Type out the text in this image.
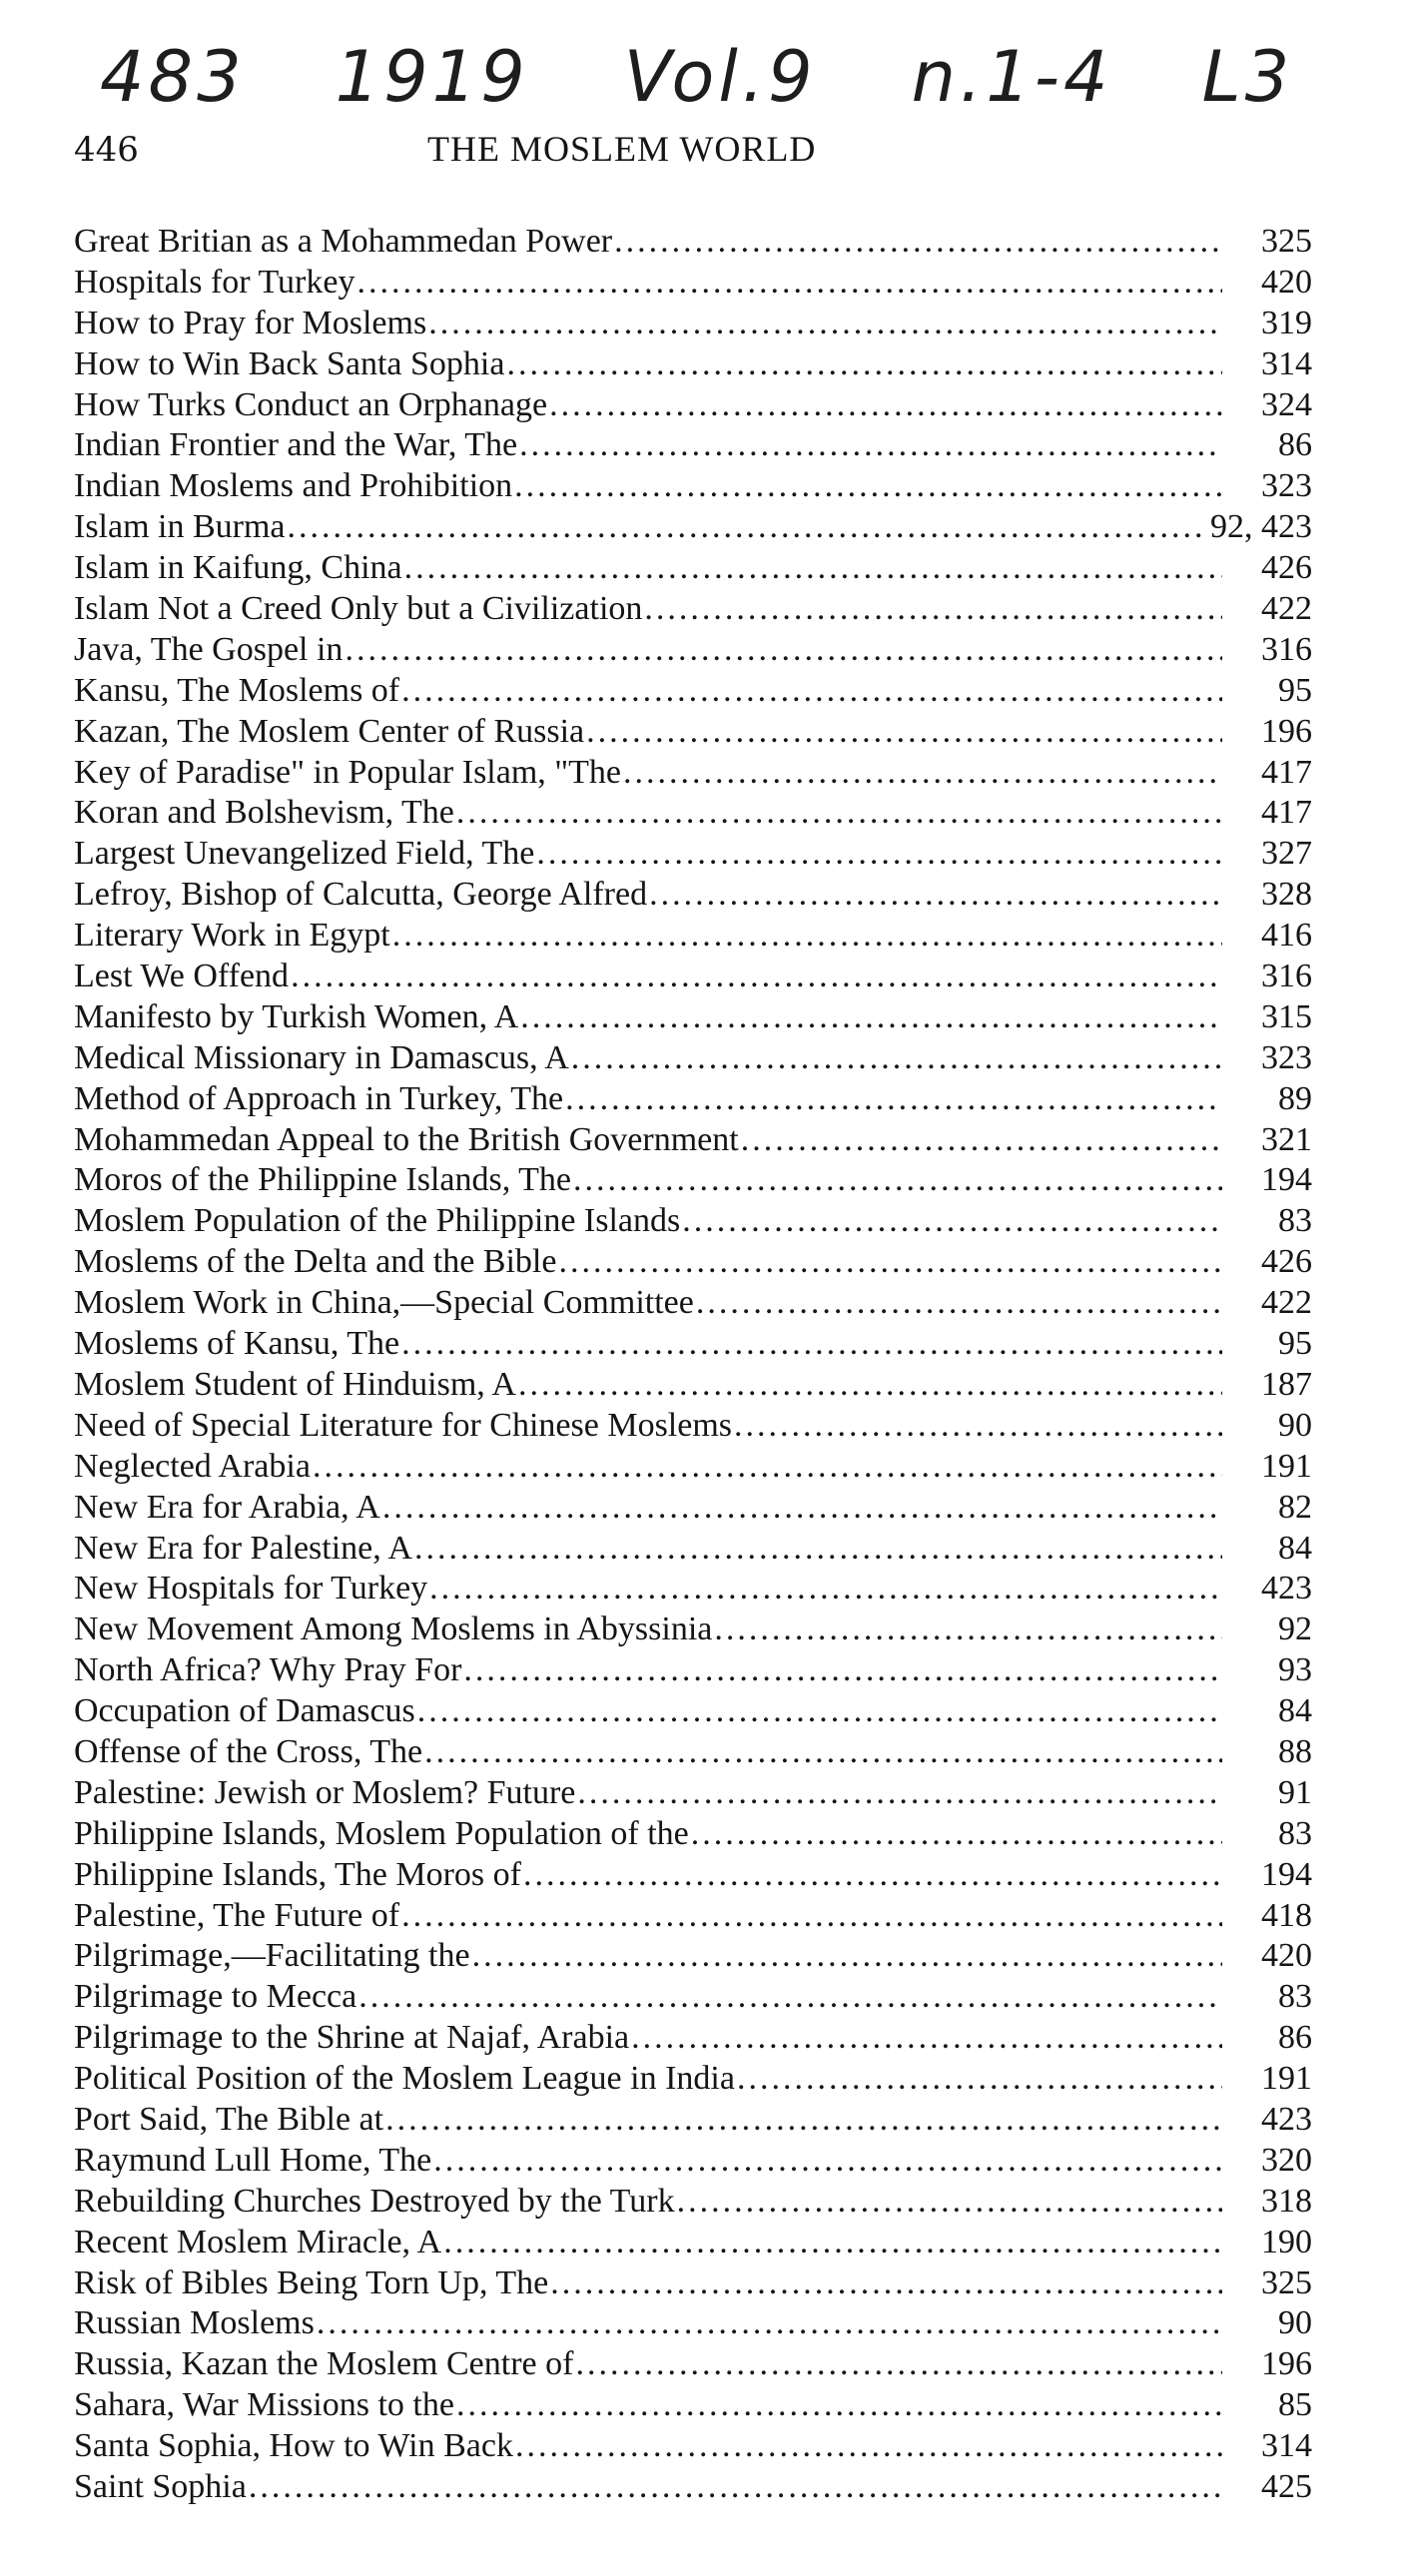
483 1919 Vol.9 n.1-4 L3
446	THE MOSLEM WORLD
Great Britian as a Mohammedan Power .....	325
Hospitals for Turkey .....	420
How to Pray for Moslems .....	319
How to Win Back Santa Sophia .....	314
How Turks Conduct an Orphanage .....	324
Indian Frontier and the War, The .....	86
Indian Moslems and Prohibition .....	323
Islam in Burma .....	92, 423
Islam in Kaifung, China .....	426
Islam Not a Creed Only but a Civilization .....	422
Java, The Gospel in .....	316
Kansu, The Moslems of .....	95
Kazan, The Moslem Center of Russia .....	196
Key of Paradise" in Popular Islam, "The .....	417
Koran and Bolshevism, The .....	417
Largest Unevangelized Field, The .....	327
Lefroy, Bishop of Calcutta, George Alfred .....	328
Literary Work in Egypt .....	416
Lest We Offend .....	316
Manifesto by Turkish Women, A .....	315
Medical Missionary in Damascus, A .....	323
Method of Approach in Turkey, The .....	89
Mohammedan Appeal to the British Government .....	321
Moros of the Philippine Islands, The .....	194
Moslem Population of the Philippine Islands .....	83
Moslems of the Delta and the Bible .....	426
Moslem Work in China,—Special Committee .....	422
Moslems of Kansu, The .....	95
Moslem Student of Hinduism, A .....	187
Need of Special Literature for Chinese Moslems .....	90
Neglected Arabia .....	191
New Era for Arabia, A .....	82
New Era for Palestine, A .....	84
New Hospitals for Turkey .....	423
New Movement Among Moslems in Abyssinia .....	92
North Africa? Why Pray For .....	93
Occupation of Damascus .....	84
Offense of the Cross, The .....	88
Palestine: Jewish or Moslem? Future .....	91
Philippine Islands, Moslem Population of the .....	83
Philippine Islands, The Moros of .....	194
Palestine, The Future of .....	418
Pilgrimage,—Facilitating the .....	420
Pilgrimage to Mecca .....	83
Pilgrimage to the Shrine at Najaf, Arabia .....	86
Political Position of the Moslem League in India .....	191
Port Said, The Bible at .....	423
Raymund Lull Home, The .....	320
Rebuilding Churches Destroyed by the Turk .....	318
Recent Moslem Miracle, A .....	190
Risk of Bibles Being Torn Up, The .....	325
Russian Moslems .....	90
Russia, Kazan the Moslem Centre of .....	196
Sahara, War Missions to the .....	85
Santa Sophia, How to Win Back .....	314
Saint Sophia .....	425
